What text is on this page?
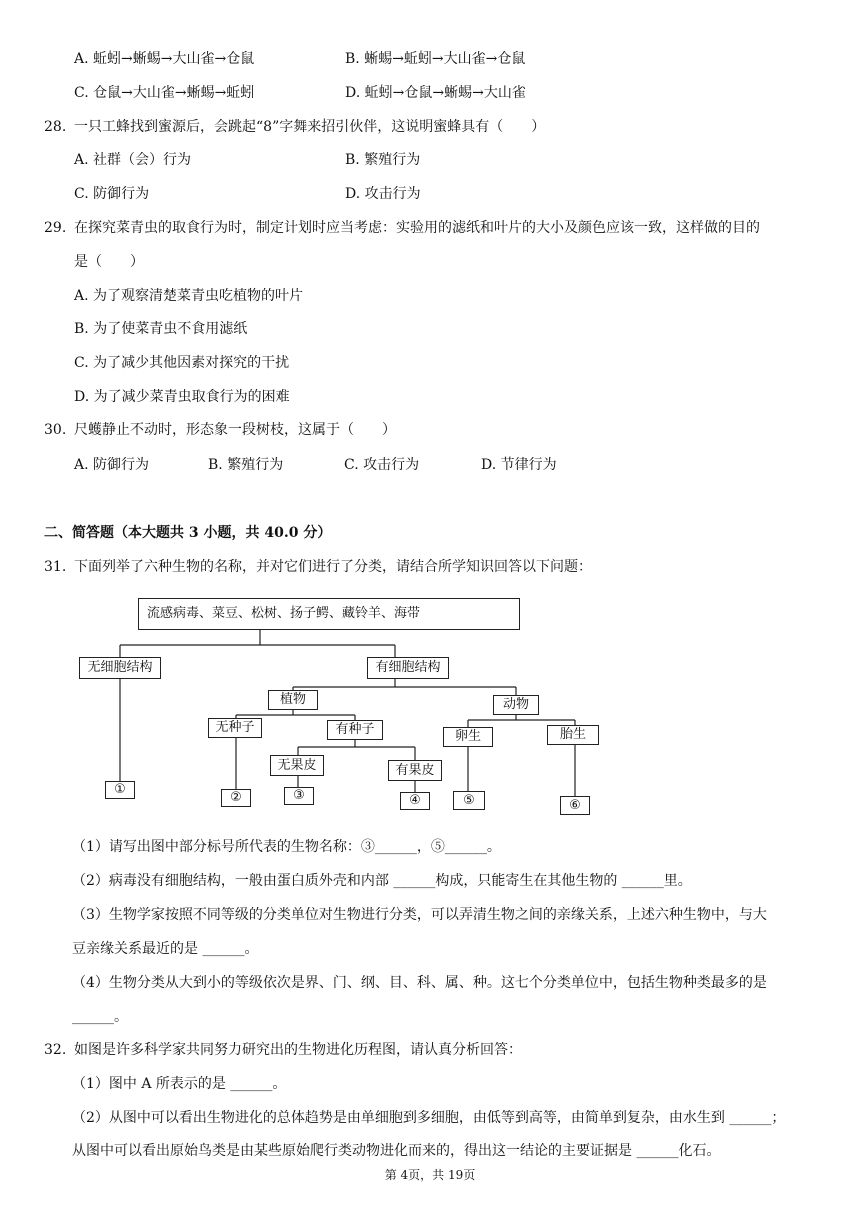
A. 蚯蚓→蜥蜴→大山雀→仓鼠	B. 蜥蜴→蚯蚓→大山雀→仓鼠
C. 仓鼠→大山雀→蜥蜴→蚯蚓	D. 蚯蚓→仓鼠→蜥蜴→大山雀
28. 一只工蜂找到蜜源后，会跳起“8”字舞来招引伙伴，这说明蜜蜂具有（　　）
A. 社群（会）行为	B. 繁殖行为
C. 防御行为	D. 攻击行为
29. 在探究菜青虫的取食行为时，制定计划时应当考虑：实验用的滤纸和叶片的大小及颜色应该一致，这样做的目的
是（　　）
A. 为了观察清楚菜青虫吃植物的叶片
B. 为了使菜青虫不食用滤纸
C. 为了减少其他因素对探究的干扰
D. 为了减少菜青虫取食行为的困难
30. 尺蠖静止不动时，形态象一段树枝，这属于（　　）
A. 防御行为	B. 繁殖行为	C. 攻击行为	D. 节律行为
二、简答题（本大题共 3 小题，共 40.0 分）
31. 下面列举了六种生物的名称，并对它们进行了分类，请结合所学知识回答以下问题：
流感病毒、菜豆、松树、扬子鳄、藏铃羊、海带
无细胞结构	有细胞结构
植物	动物
无种子	有种子
无果皮	有果皮
卵生	胎生
①
②	③	④	⑤	⑥
（1）请写出图中部分标号所代表的生物名称：③______，⑤______。
（2）病毒没有细胞结构，一般由蛋白质外壳和内部 ______构成，只能寄生在其他生物的 ______里。
（3）生物学家按照不同等级的分类单位对生物进行分类，可以弄清生物之间的亲缘关系，上述六种生物中，与大
豆亲缘关系最近的是 ______。
（4）生物分类从大到小的等级依次是界、门、纲、目、科、属、种。这七个分类单位中，包括生物种类最多的是
______。
32. 如图是许多科学家共同努力研究出的生物进化历程图，请认真分析回答：
（1）图中 A 所表示的是 ______。
（2）从图中可以看出生物进化的总体趋势是由单细胞到多细胞，由低等到高等，由简单到复杂，由水生到 ______；
从图中可以看出原始鸟类是由某些原始爬行类动物进化而来的，得出这一结论的主要证据是 ______化石。
第 4页，共 19页
